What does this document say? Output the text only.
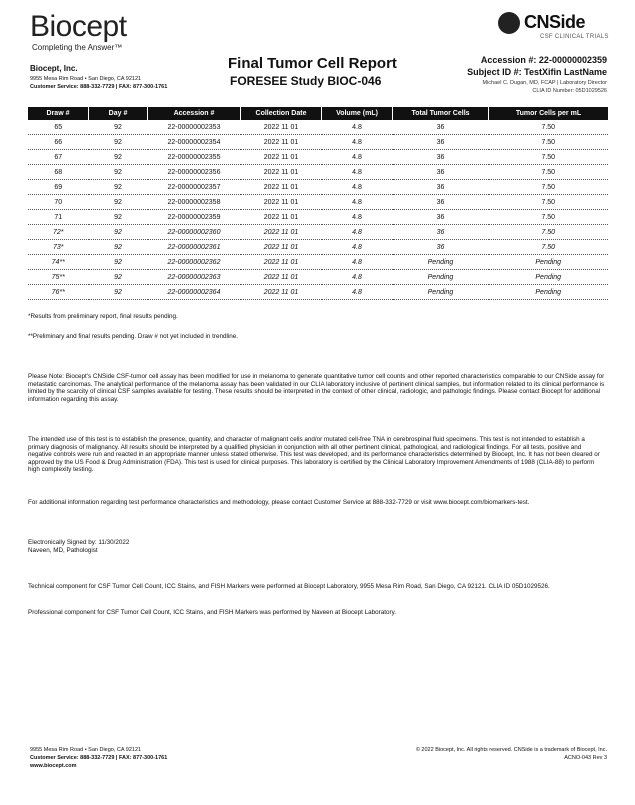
Biocept
Completing the Answer™
Biocept, Inc.
9955 Mesa Rim Road • San Diego, CA 92121
Customer Service: 888-332-7729 | FAX: 877-300-1761
Final Tumor Cell Report
FORESEE Study BIOC-046
CNSide
CSF CLINICAL TRIALS
Accession #: 22-00000002359
Subject ID #: TestXifin LastName
Michael C. Dugan, MD, FCAP | Laboratory Director
CLIA ID Number: 05D1029526
Draw #	Day #	Accession #	Collection Date	Volume (mL)	Total Tumor Cells	Tumor Cells per mL
65	92	22-00000002353	2022 11 01	4.8	36	7.50
66	92	22-00000002354	2022 11 01	4.8	36	7.50
67	92	22-00000002355	2022 11 01	4.8	36	7.50
68	92	22-00000002356	2022 11 01	4.8	36	7.50
69	92	22-00000002357	2022 11 01	4.8	36	7.50
70	92	22-00000002358	2022 11 01	4.8	36	7.50
71	92	22-00000002359	2022 11 01	4.8	36	7.50
72*	92	22-00000002360	2022 11 01	4.8	36	7.50
73*	92	22-00000002361	2022 11 01	4.8	36	7.50
74**	92	22-00000002362	2022 11 01	4.8	Pending	Pending
75**	92	22-00000002363	2022 11 01	4.8	Pending	Pending
76**	92	22-00000002364	2022 11 01	4.8	Pending	Pending
*Results from preliminary report, final results pending.
**Preliminary and final results pending. Draw # not yet included in trendline.
Please Note: Biocept's CNSide CSF-tumor cell assay has been modified for use in melanoma to generate quantitative tumor cell counts and other reported characteristics comparable to our CNSide assay for metastatic carcinomas. The analytical performance of the melanoma assay has been validated in our CLIA laboratory inclusive of pertinent clinical samples, but information related to its clinical performance is limited by the scarcity of clinical CSF samples available for testing. These results should be interpreted in the context of other clinical, radiologic, and pathologic findings. Please contact Biocept for additional information regarding this assay.
The intended use of this test is to establish the presence, quantity, and character of malignant cells and/or mutated cell-free TNA in cerebrospinal fluid specimens. This test is not intended to establish a primary diagnosis of malignancy. All results should be interpreted by a qualified physician in conjunction with all other pertinent clinical, pathological, and radiological findings. For all tests, positive and negative controls were run and reacted in an appropriate manner unless stated otherwise. This test was developed, and its performance characteristics determined by Biocept, Inc. It has not been cleared or approved by the US Food & Drug Administration (FDA). This test is used for clinical purposes. This laboratory is certified by the Clinical Laboratory Improvement Amendments of 1988 (CLIA-88) to perform high complexity testing.
For additional information regarding test performance characteristics and methodology, please contact Customer Service at 888-332-7729 or visit www.biocept.com/biomarkers-test.
Electronically Signed by: 11/30/2022
Naveen, MD, Pathologist
Technical component for CSF Tumor Cell Count, ICC Stains, and FISH Markers were performed at Biocept Laboratory, 9955 Mesa Rim Road, San Diego, CA 92121. CLIA ID 05D1029526.
Professional component for CSF Tumor Cell Count, ICC Stains, and FISH Markers was performed by Naveen at Biocept Laboratory.
9955 Mesa Rim Road • San Diego, CA 92121
Customer Service: 888-332-7729 | FAX: 877-300-1761
www.biocept.com
© 2022 Biocept, Inc. All rights reserved. CNSide is a trademark of Biocept, Inc.
ACNO-043 Rev 3
